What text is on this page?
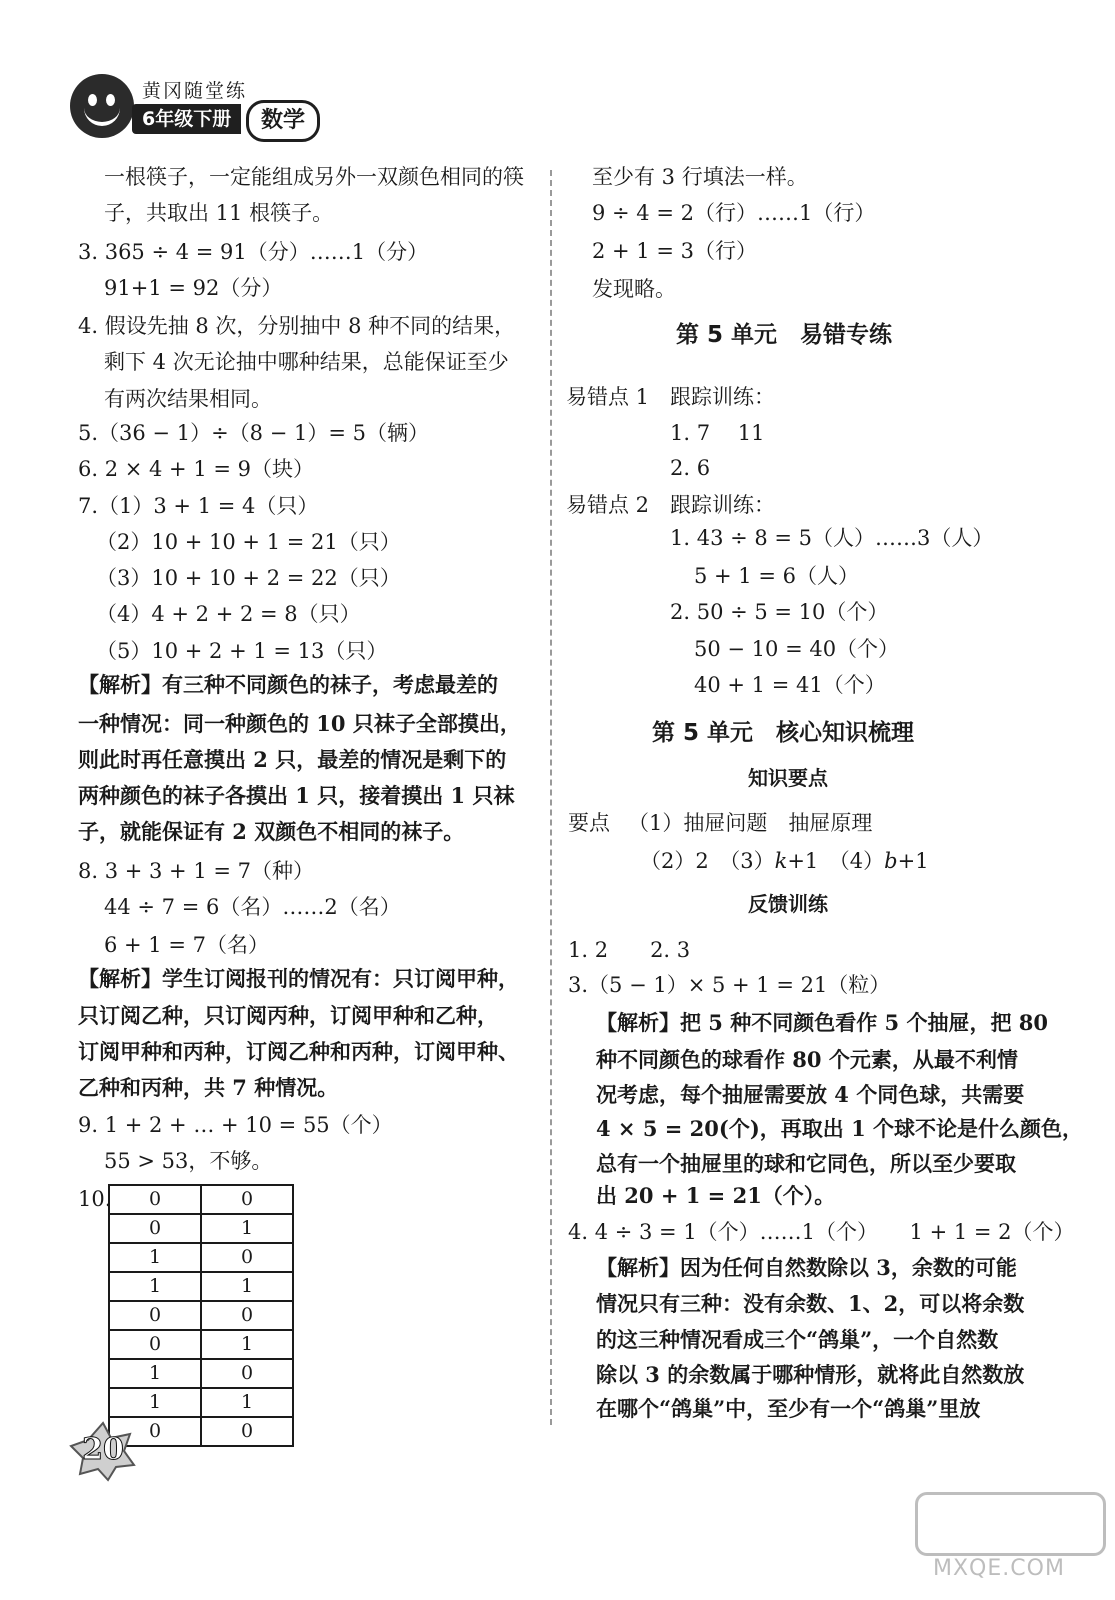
黄冈随堂练
6年级下册	数学
一根筷子，一定能组成另外一双颜色相同的筷
子，共取出 11 根筷子。
3. 365 ÷ 4 = 91（分）……1（分）
91+1 = 92（分）
4. 假设先抽 8 次，分别抽中 8 种不同的结果，
剩下 4 次无论抽中哪种结果，总能保证至少
有两次结果相同。
5.（36 − 1）÷（8 − 1）= 5（辆）
6. 2 × 4 + 1 = 9（块）
7.（1）3 + 1 = 4（只）
（2）10 + 10 + 1 = 21（只）
（3）10 + 10 + 2 = 22（只）
（4）4 + 2 + 2 = 8（只）
（5）10 + 2 + 1 = 13（只）
【解析】有三种不同颜色的袜子，考虑最差的
一种情况：同一种颜色的 10 只袜子全部摸出，
则此时再任意摸出 2 只，最差的情况是剩下的
两种颜色的袜子各摸出 1 只，接着摸出 1 只袜
子，就能保证有 2 双颜色不相同的袜子。
8. 3 + 3 + 1 = 7（种）
44 ÷ 7 = 6（名）……2（名）
6 + 1 = 7（名）
【解析】学生订阅报刊的情况有：只订阅甲种，
只订阅乙种，只订阅丙种，订阅甲种和乙种，
订阅甲种和丙种，订阅乙种和丙种，订阅甲种、
乙种和丙种，共 7 种情况。
9. 1 + 2 + … + 10 = 55（个）
55 > 53，不够。
10. 0	0
0	1
1	0
1	1
0	0
0	1
1	0
1	1
0	0
至少有 3 行填法一样。
9 ÷ 4 = 2（行）……1（行）
2 + 1 = 3（行）
发现略。
第 5 单元　易错专练
易错点 1 跟踪训练：
1. 7　 11
2. 6
易错点 2 跟踪训练：
1. 43 ÷ 8 = 5（人）……3（人）
5 + 1 = 6（人）
2. 50 ÷ 5 = 10（个）
50 − 10 = 40（个）
40 + 1 = 41（个）
第 5 单元　核心知识梳理
知识要点
要点 （1）抽屉问题　抽屉原理
（2）2　（3）k+1　（4）b+1
反馈训练
1. 2　　2. 3
3.（5 − 1）× 5 + 1 = 21（粒）
【解析】把 5 种不同颜色看作 5 个抽屉，把 80
种不同颜色的球看作 80 个元素，从最不利情
况考虑，每个抽屉需要放 4 个同色球，共需要
4 × 5 = 20(个)，再取出 1 个球不论是什么颜色，
总有一个抽屉里的球和它同色，所以至少要取
出 20 + 1 = 21（个）。
4. 4 ÷ 3 = 1（个）……1（个）　　1 + 1 = 2（个）
【解析】因为任何自然数除以 3，余数的可能
情况只有三种：没有余数、1、2，可以将余数
的这三种情况看成三个“鸽巢”，一个自然数
除以 3 的余数属于哪种情形，就将此自然数放
在哪个“鸽巢”中，至少有一个“鸽巢”里放
20
MXQE.COM
